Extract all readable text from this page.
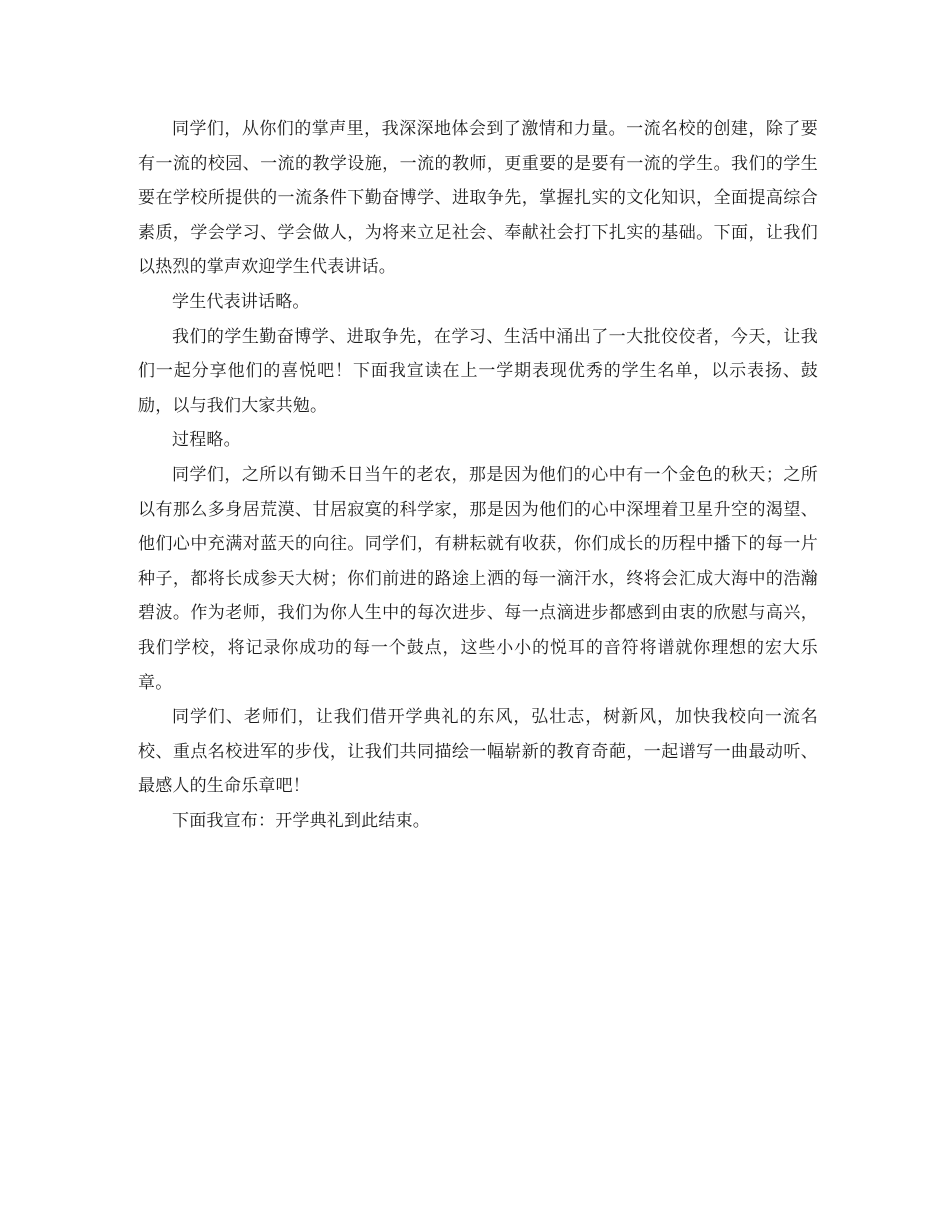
同学们，从你们的掌声里，我深深地体会到了激情和力量。一流名校的创建，除了要有一流的校园、一流的教学设施，一流的教师，更重要的是要有一流的学生。我们的学生要在学校所提供的一流条件下勤奋博学、进取争先，掌握扎实的文化知识，全面提高综合素质，学会学习、学会做人，为将来立足社会、奉献社会打下扎实的基础。下面，让我们以热烈的掌声欢迎学生代表讲话。

学生代表讲话略。

我们的学生勤奋博学、进取争先，在学习、生活中涌出了一大批佼佼者，今天，让我们一起分享他们的喜悦吧！下面我宣读在上一学期表现优秀的学生名单，以示表扬、鼓励，以与我们大家共勉。

过程略。

同学们，之所以有锄禾日当午的老农，那是因为他们的心中有一个金色的秋天；之所以有那么多身居荒漠、甘居寂寞的科学家，那是因为他们的心中深埋着卫星升空的渴望、他们心中充满对蓝天的向往。同学们，有耕耘就有收获，你们成长的历程中播下的每一片种子，都将长成参天大树；你们前进的路途上洒的每一滴汗水，终将会汇成大海中的浩瀚碧波。作为老师，我们为你人生中的每次进步、每一点滴进步都感到由衷的欣慰与高兴，我们学校，将记录你成功的每一个鼓点，这些小小的悦耳的音符将谱就你理想的宏大乐章。

同学们、老师们，让我们借开学典礼的东风，弘壮志，树新风，加快我校向一流名校、重点名校进军的步伐，让我们共同描绘一幅崭新的教育奇葩，一起谱写一曲最动听、最感人的生命乐章吧！

下面我宣布：开学典礼到此结束。
